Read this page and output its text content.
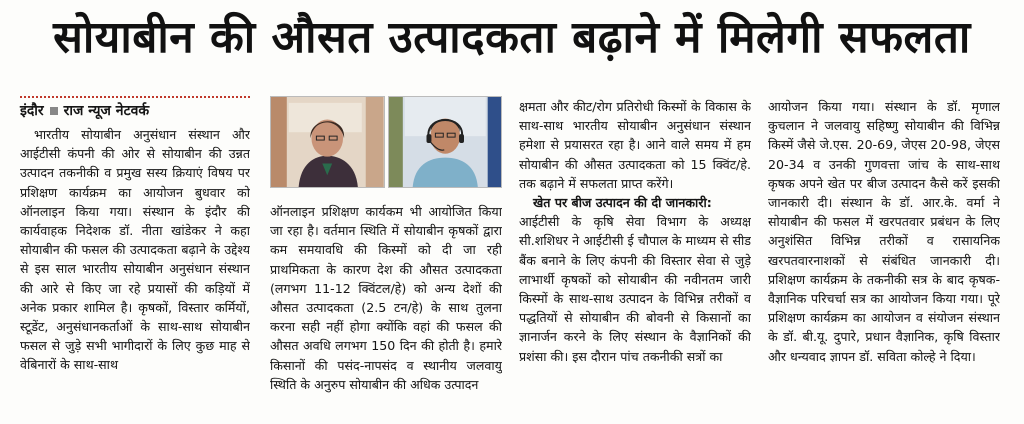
सोयाबीन की औसत उत्पादकता बढ़ाने में मिलेगी सफलता
इंदौर राज न्यूज नेटवर्क

भारतीय सोयाबीन अनुसंधान संस्थान और आईटीसी कंपनी की ओर से सोयाबीन की उन्नत उत्पादन तकनीकी व प्रमुख सस्य क्रियाएं विषय पर प्रशिक्षण कार्यक्रम का आयोजन बुधवार को ऑनलाइन किया गया। संस्थान के इंदौर की कार्यवाहक निदेशक डॉ. नीता खांडेकर ने कहा सोयाबीन की फसल की उत्पादकता बढ़ाने के उद्देश्य से इस साल भारतीय सोयाबीन अनुसंधान संस्थान की आरे से किए जा रहे प्रयासों की कड़ियों में अनेक प्रकार शामिल है। कृषकों, विस्तार कर्मियों, स्टूडेंट, अनुसंधानकर्ताओं के साथ-साथ सोयाबीन फसल से जुड़े सभी भागीदारों के लिए कुछ माह से वेबिनारों के साथ-साथ

ऑनलाइन प्रशिक्षण कार्यकम भी आयोजित किया जा रहा है। वर्तमान स्थिति में सोयाबीन कृषकों द्वारा कम समयावधि की किस्मों को दी जा रही प्राथमिकता के कारण देश की औसत उत्पादकता (लगभग 11-12 क्विंटल/हे) को अन्य देशों की औसत उत्पादकता (2.5 टन/हे) के साथ तुलना करना सही नहीं होगा क्योंकि वहां की फसल की औसत अवधि लगभग 150 दिन की होती है। हमारे किसानों की पसंद-नापसंद व स्थानीय जलवायु स्थिति के अनुरुप सोयाबीन की अधिक उत्पादन

क्षमता और कीट/रोग प्रतिरोधी किस्मों के विकास के साथ-साथ भारतीय सोयाबीन अनुसंधान संस्थान हमेशा से प्रयासरत रहा है। आने वाले समय में हम सोयाबीन की औसत उत्पादकता को 15 क्विंट/हे. तक बढ़ाने में सफलता प्राप्त करेंगे।

खेत पर बीज उत्पादन की दी जानकारी:

आईटीसी के कृषि सेवा विभाग के अध्यक्ष सी.शशिधर ने आईटीसी ई चौपाल के माध्यम से सीड बैंक बनाने के लिए कंपनी की विस्तार सेवा से जुड़े लाभार्थी कृषकों को सोयाबीन की नवीनतम जारी किस्मों के साथ-साथ उत्पादन के विभिन्न तरीकों व पद्धतियों से सोयाबीन की बोवनी से किसानों का ज्ञानार्जन करने के लिए संस्थान के वैज्ञानिकों की प्रशंसा की। इस दौरान पांच तकनीकी सत्रों का

आयोजन किया गया। संस्थान के डॉ. मृणाल कुचलान ने जलवायु सहिष्णु सोयाबीन की विभिन्न किस्में जैसे जे.एस. 20-69, जेएस 20-98, जेएस 20-34 व उनकी गुणवत्ता जांच के साथ-साथ कृषक अपने खेत पर बीज उत्पादन कैसे करें इसकी जानकारी दी। संस्थान के डॉ. आर.के. वर्मा ने सोयाबीन की फसल में खरपतवार प्रबंधन के लिए अनुशंसित विभिन्न तरीकों व रासायनिक खरपतवारनाशकों से संबंधित जानकारी दी। प्रशिक्षण कार्यक्रम के तकनीकी सत्र के बाद कृषक-वैज्ञानिक परिचर्चा सत्र का आयोजन किया गया। पूरे प्रशिक्षण कार्यक्रम का आयोजन व संयोजन संस्थान के डॉ. बी.यू. दुपारे, प्रधान वैज्ञानिक, कृषि विस्तार और धन्यवाद ज्ञापन डॉ. सविता कोल्हे ने दिया।
